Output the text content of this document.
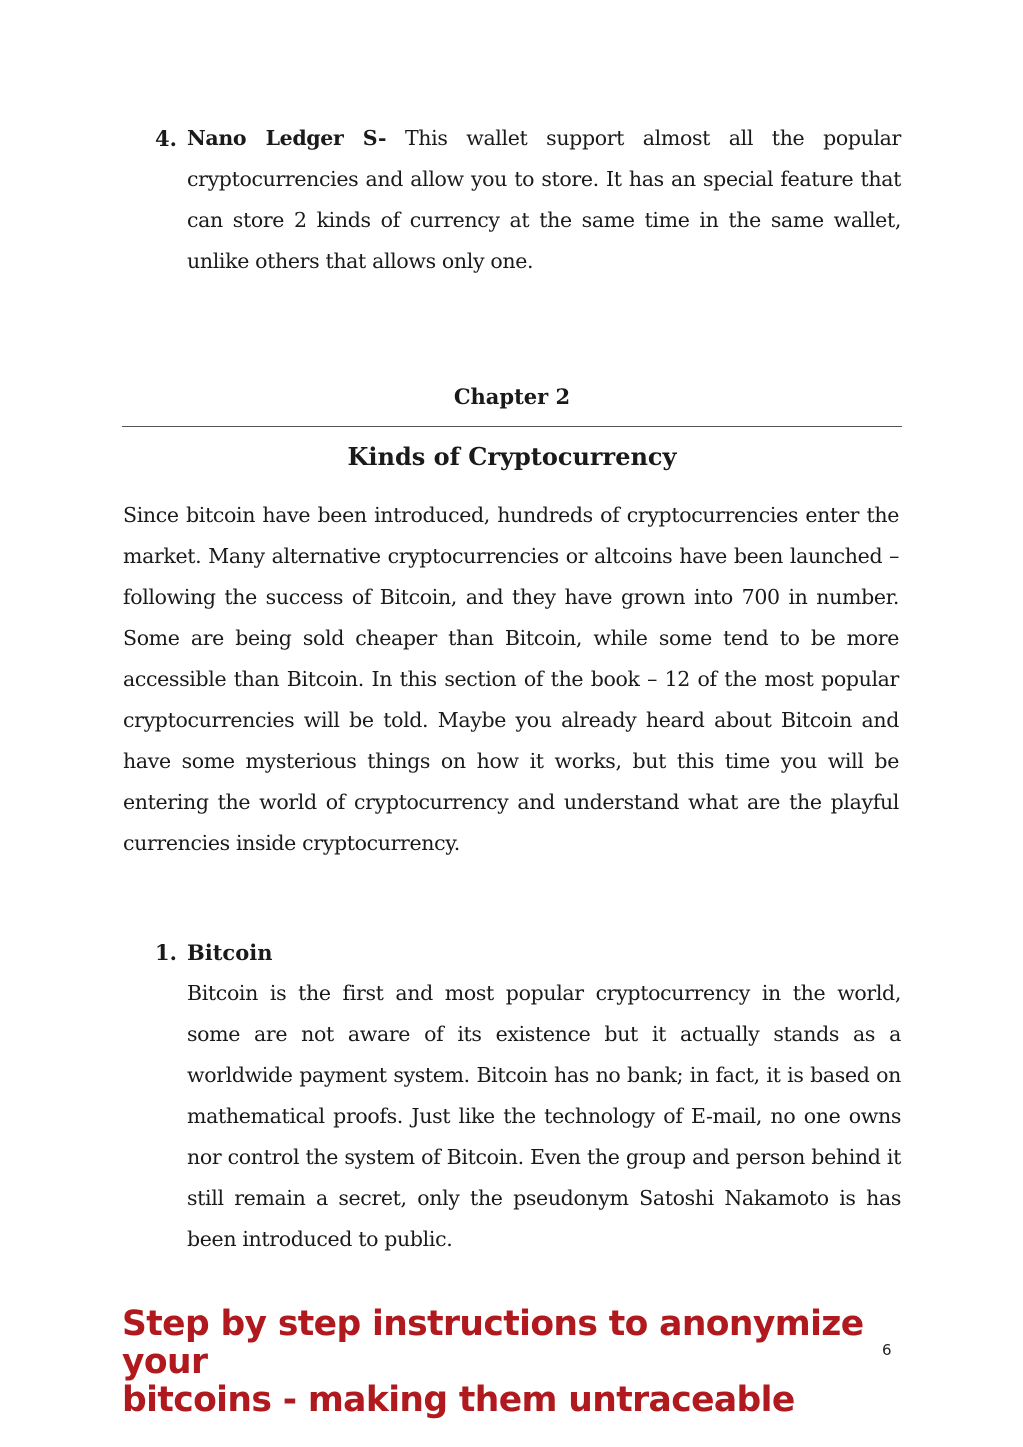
4. Nano Ledger S- This wallet support almost all the popular cryptocurrencies and allow you to store. It has an special feature that can store 2 kinds of currency at the same time in the same wallet, unlike others that allows only one.
Chapter 2
Kinds of Cryptocurrency

Since bitcoin have been introduced, hundreds of cryptocurrencies enter the market. Many alternative cryptocurrencies or altcoins have been launched – following the success of Bitcoin, and they have grown into 700 in number. Some are being sold cheaper than Bitcoin, while some tend to be more accessible than Bitcoin. In this section of the book – 12 of the most popular cryptocurrencies will be told. Maybe you already heard about Bitcoin and have some mysterious things on how it works, but this time you will be entering the world of cryptocurrency and understand what are the playful currencies inside cryptocurrency.

1. Bitcoin
Bitcoin is the first and most popular cryptocurrency in the world, some are not aware of its existence but it actually stands as a worldwide payment system. Bitcoin has no bank; in fact, it is based on mathematical proofs. Just like the technology of E-mail, no one owns nor control the system of Bitcoin. Even the group and person behind it still remain a secret, only the pseudonym Satoshi Nakamoto is has been introduced to public.
Step by step instructions to anonymize your
bitcoins - making them untraceable
6
